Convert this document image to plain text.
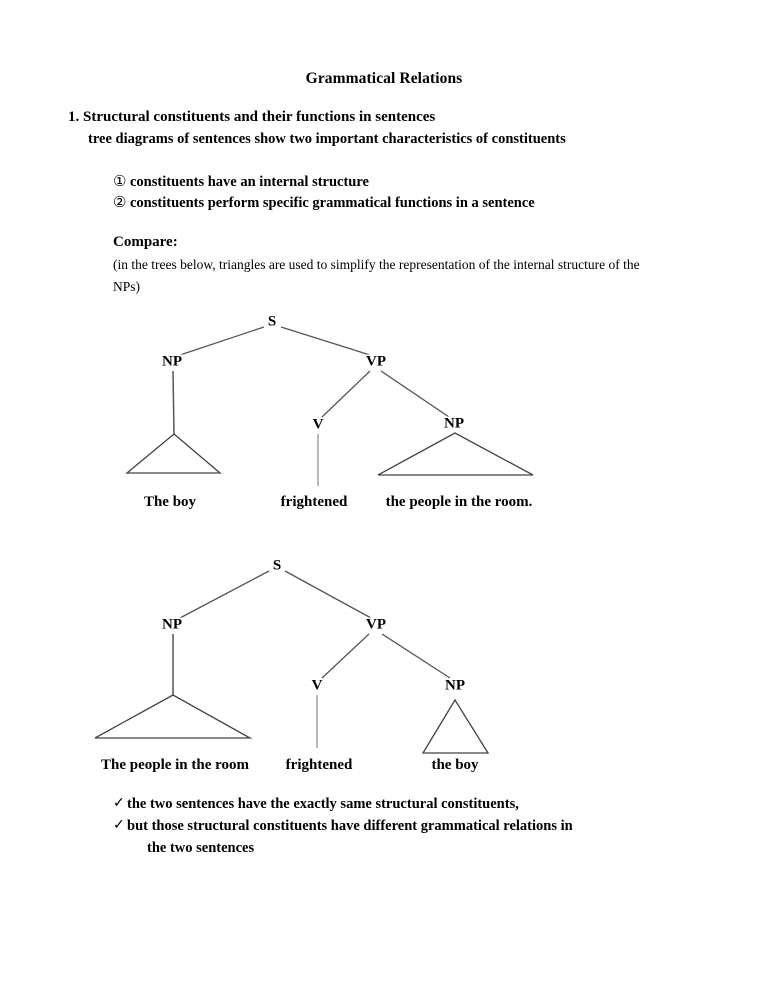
Grammatical Relations
1. Structural constituents and their functions in sentences
tree diagrams of sentences show two important characteristics of constituents
① constituents have an internal structure
② constituents perform specific grammatical functions in a sentence
Compare:
(in the trees below, triangles are used to simplify the representation of the internal structure of the NPs)
S
NP	VP
V	NP
The boy	frightened	the people in the room.
S
NP	VP
V	NP
The people in the room frightened	the boy
✓ the two sentences have the exactly same structural constituents,
✓ but those structural constituents have different grammatical relations in
the two sentences
